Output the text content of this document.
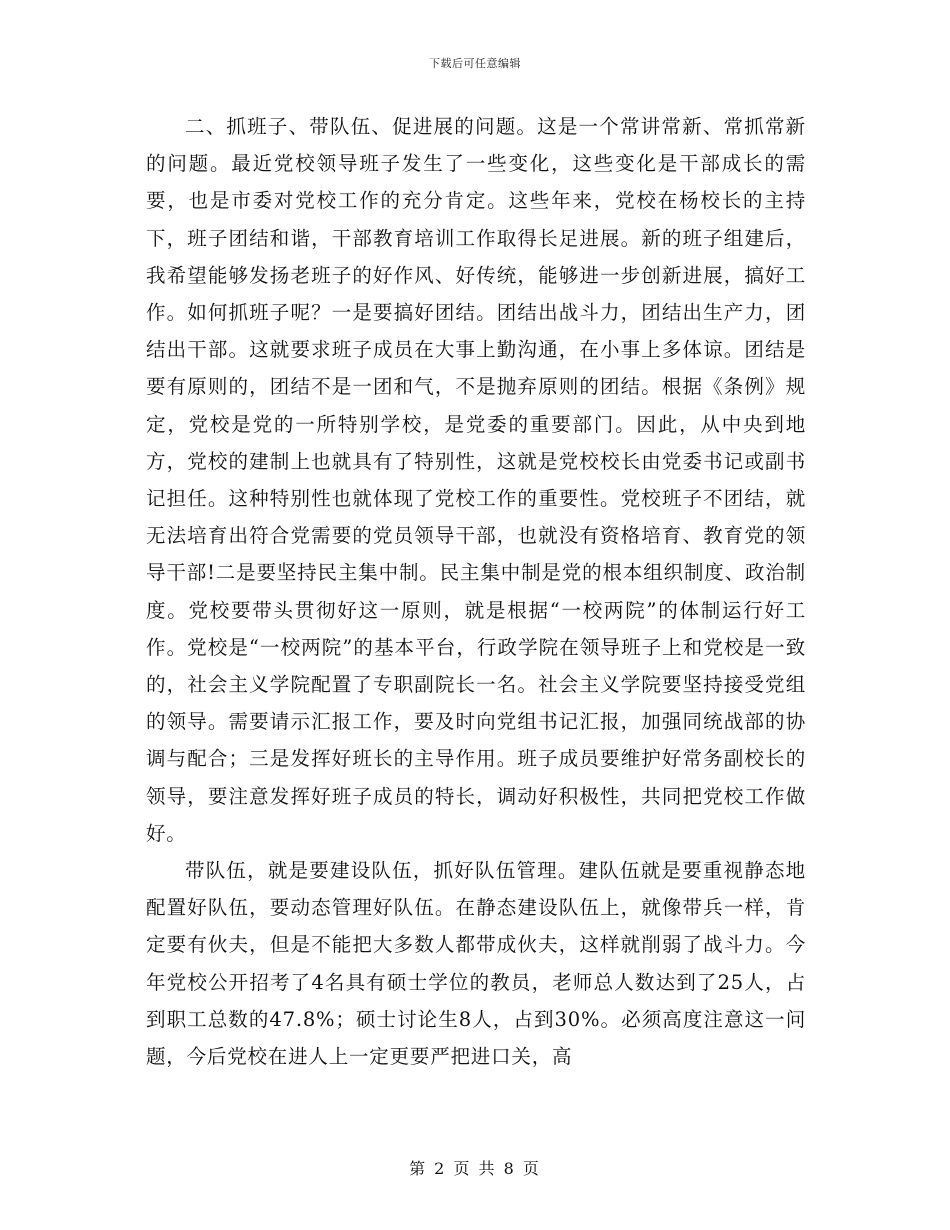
下载后可任意编辑

二、抓班子、带队伍、促进展的问题。这是一个常讲常新、常抓常新的问题。最近党校领导班子发生了一些变化，这些变化是干部成长的需要，也是市委对党校工作的充分肯定。这些年来，党校在杨校长的主持下，班子团结和谐，干部教育培训工作取得长足进展。新的班子组建后，我希望能够发扬老班子的好作风、好传统，能够进一步创新进展，搞好工作。如何抓班子呢？一是要搞好团结。团结出战斗力，团结出生产力，团结出干部。这就要求班子成员在大事上勤沟通，在小事上多体谅。团结是要有原则的，团结不是一团和气，不是抛弃原则的团结。根据《条例》规定，党校是党的一所特别学校，是党委的重要部门。因此，从中央到地方，党校的建制上也就具有了特别性，这就是党校校长由党委书记或副书记担任。这种特别性也就体现了党校工作的重要性。党校班子不团结，就无法培育出符合党需要的党员领导干部，也就没有资格培育、教育党的领导干部!二是要坚持民主集中制。民主集中制是党的根本组织制度、政治制度。党校要带头贯彻好这一原则，就是根据“一校两院”的体制运行好工作。党校是“一校两院”的基本平台，行政学院在领导班子上和党校是一致的，社会主义学院配置了专职副院长一名。社会主义学院要坚持接受党组的领导。需要请示汇报工作，要及时向党组书记汇报，加强同统战部的协调与配合；三是发挥好班长的主导作用。班子成员要维护好常务副校长的领导，要注意发挥好班子成员的特长，调动好积极性，共同把党校工作做好。

带队伍，就是要建设队伍，抓好队伍管理。建队伍就是要重视静态地配置好队伍，要动态管理好队伍。在静态建设队伍上，就像带兵一样，肯定要有伙夫，但是不能把大多数人都带成伙夫，这样就削弱了战斗力。今年党校公开招考了4名具有硕士学位的教员，老师总人数达到了25人，占到职工总数的47.8%；硕士讨论生8人，占到30%。必须高度注意这一问题，今后党校在进人上一定更要严把进口关，高

第 2 页 共 8 页
